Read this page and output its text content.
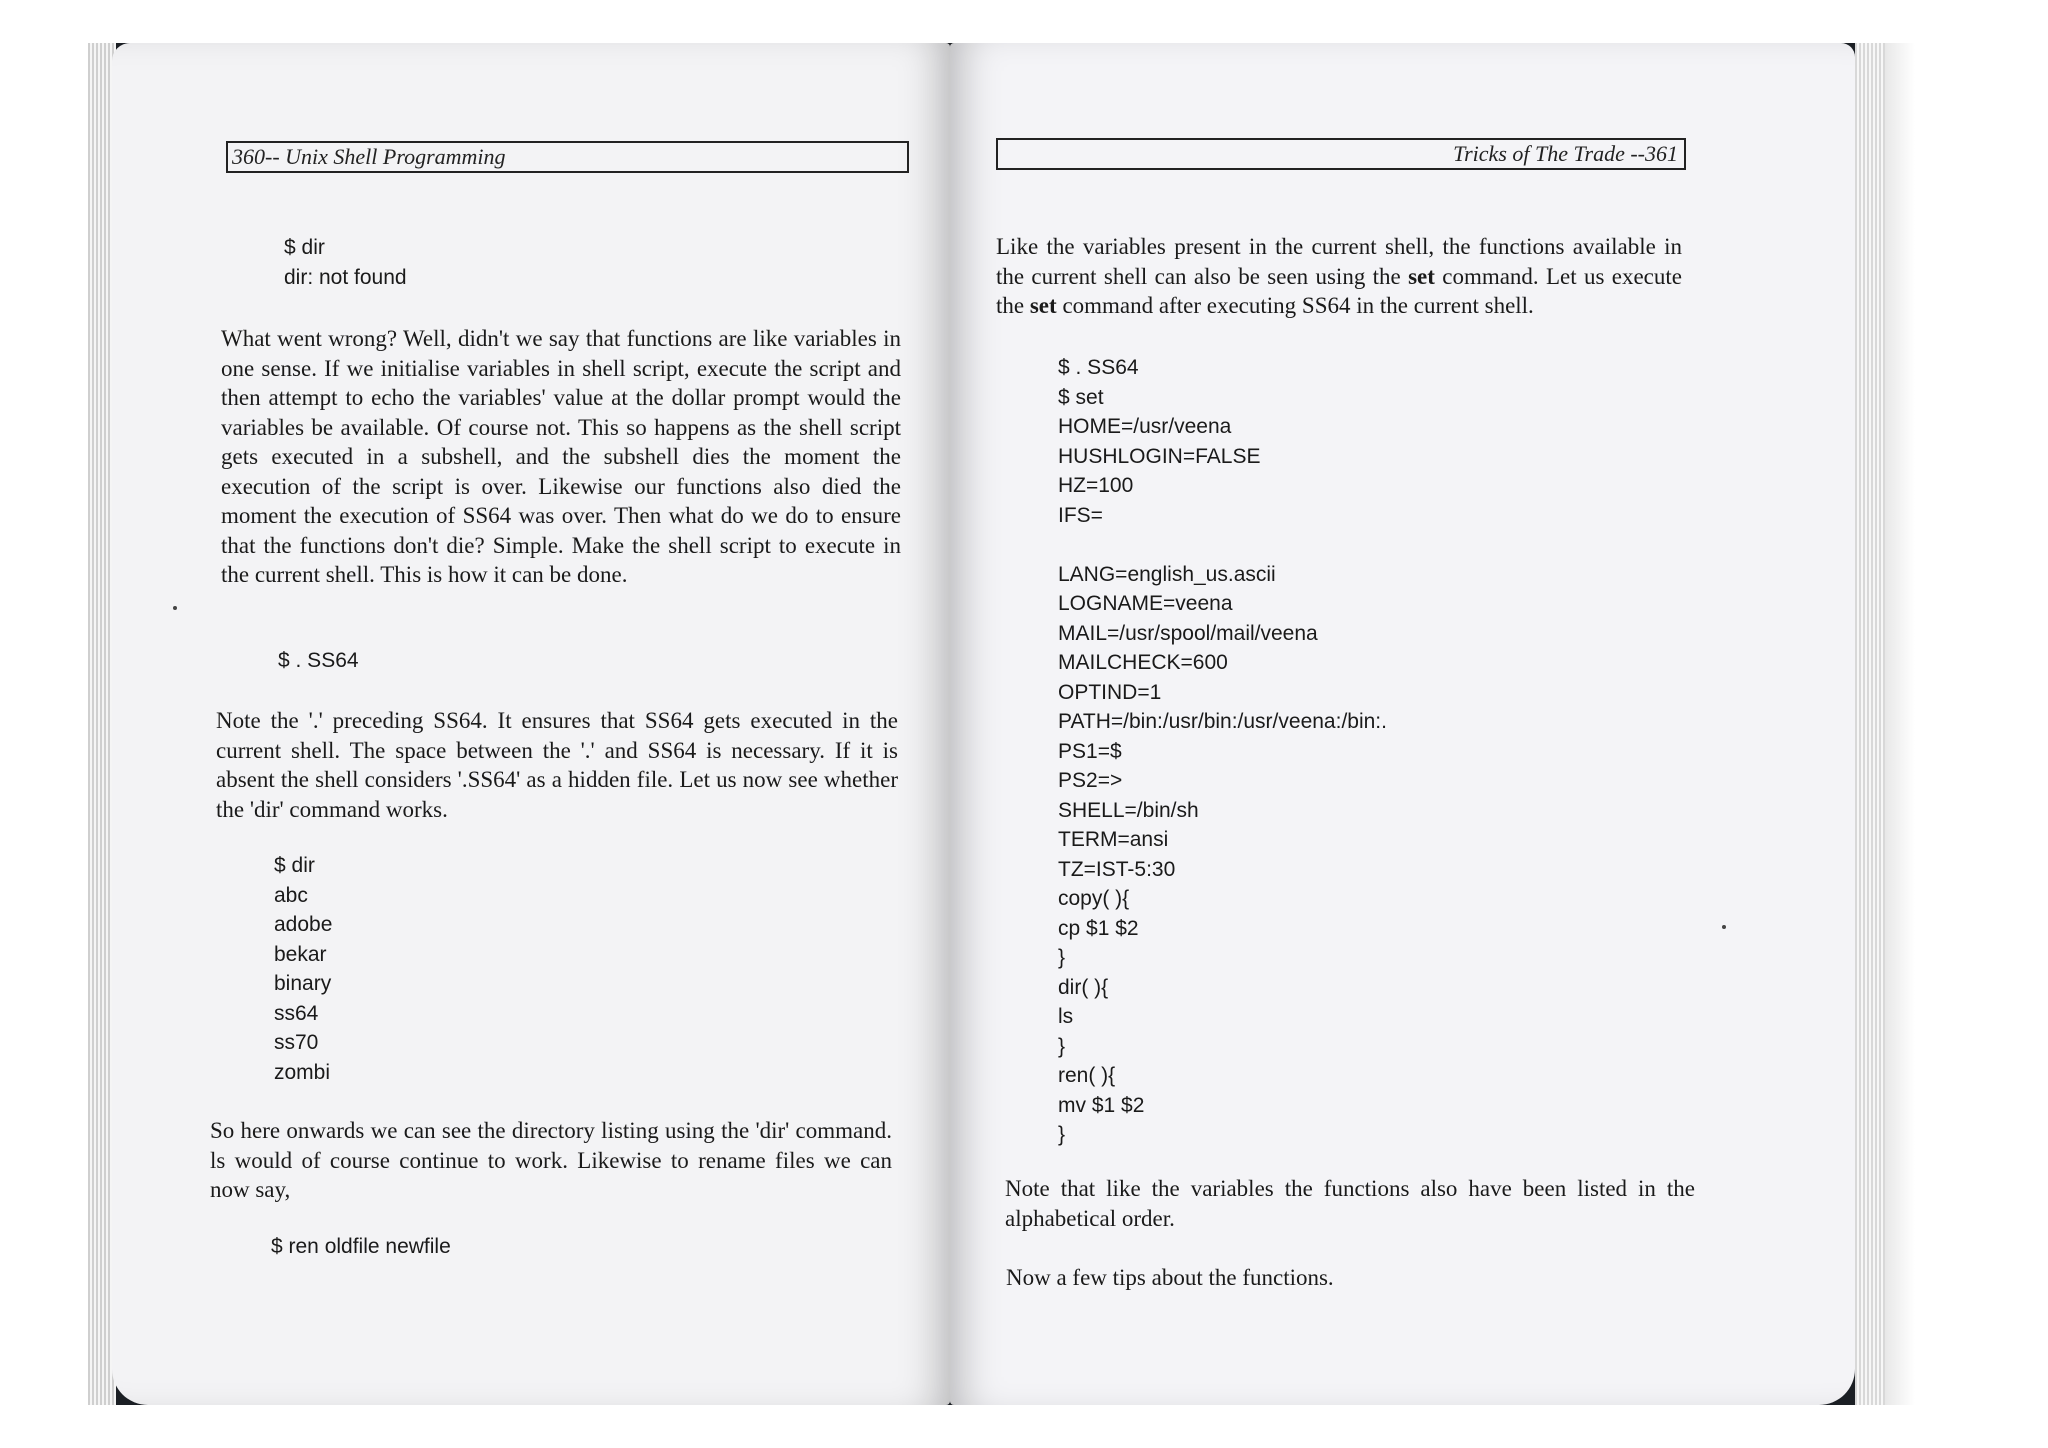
360-- Unix Shell Programming
$ dir
dir: not found
What went wrong? Well, didn't we say that functions are like variables in one sense. If we initialise variables in shell script, execute the script and then attempt to echo the variables' value at the dollar prompt would the variables be available. Of course not. This so happens as the shell script gets executed in a subshell, and the subshell dies the moment the execution of the script is over. Likewise our functions also died the moment the execution of SS64 was over. Then what do we do to ensure that the functions don't die? Simple. Make the shell script to execute in the current shell. This is how it can be done.
$ . SS64
Note the '.' preceding SS64. It ensures that SS64 gets executed in the current shell. The space between the '.' and SS64 is necessary. If it is absent the shell considers '.SS64' as a hidden file. Let us now see whether the 'dir' command works.
$ dir
abc
adobe
bekar
binary
ss64
ss70
zombi
So here onwards we can see the directory listing using the 'dir' command. ls would of course continue to work. Likewise to rename files we can now say,
$ ren oldfile newfile
Tricks of The Trade --361
Like the variables present in the current shell, the functions available in the current shell can also be seen using the set command. Let us execute the set command after executing SS64 in the current shell.
$ . SS64
$ set
HOME=/usr/veena
HUSHLOGIN=FALSE
HZ=100
IFS=

LANG=english_us.ascii
LOGNAME=veena
MAIL=/usr/spool/mail/veena
MAILCHECK=600
OPTIND=1
PATH=/bin:/usr/bin:/usr/veena:/bin:.
PS1=$
PS2=>
SHELL=/bin/sh
TERM=ansi
TZ=IST-5:30
copy( ){
cp $1 $2
}
dir( ){
ls
}
ren( ){
mv $1 $2
}
Note that like the variables the functions also have been listed in the alphabetical order.
Now a few tips about the functions.
